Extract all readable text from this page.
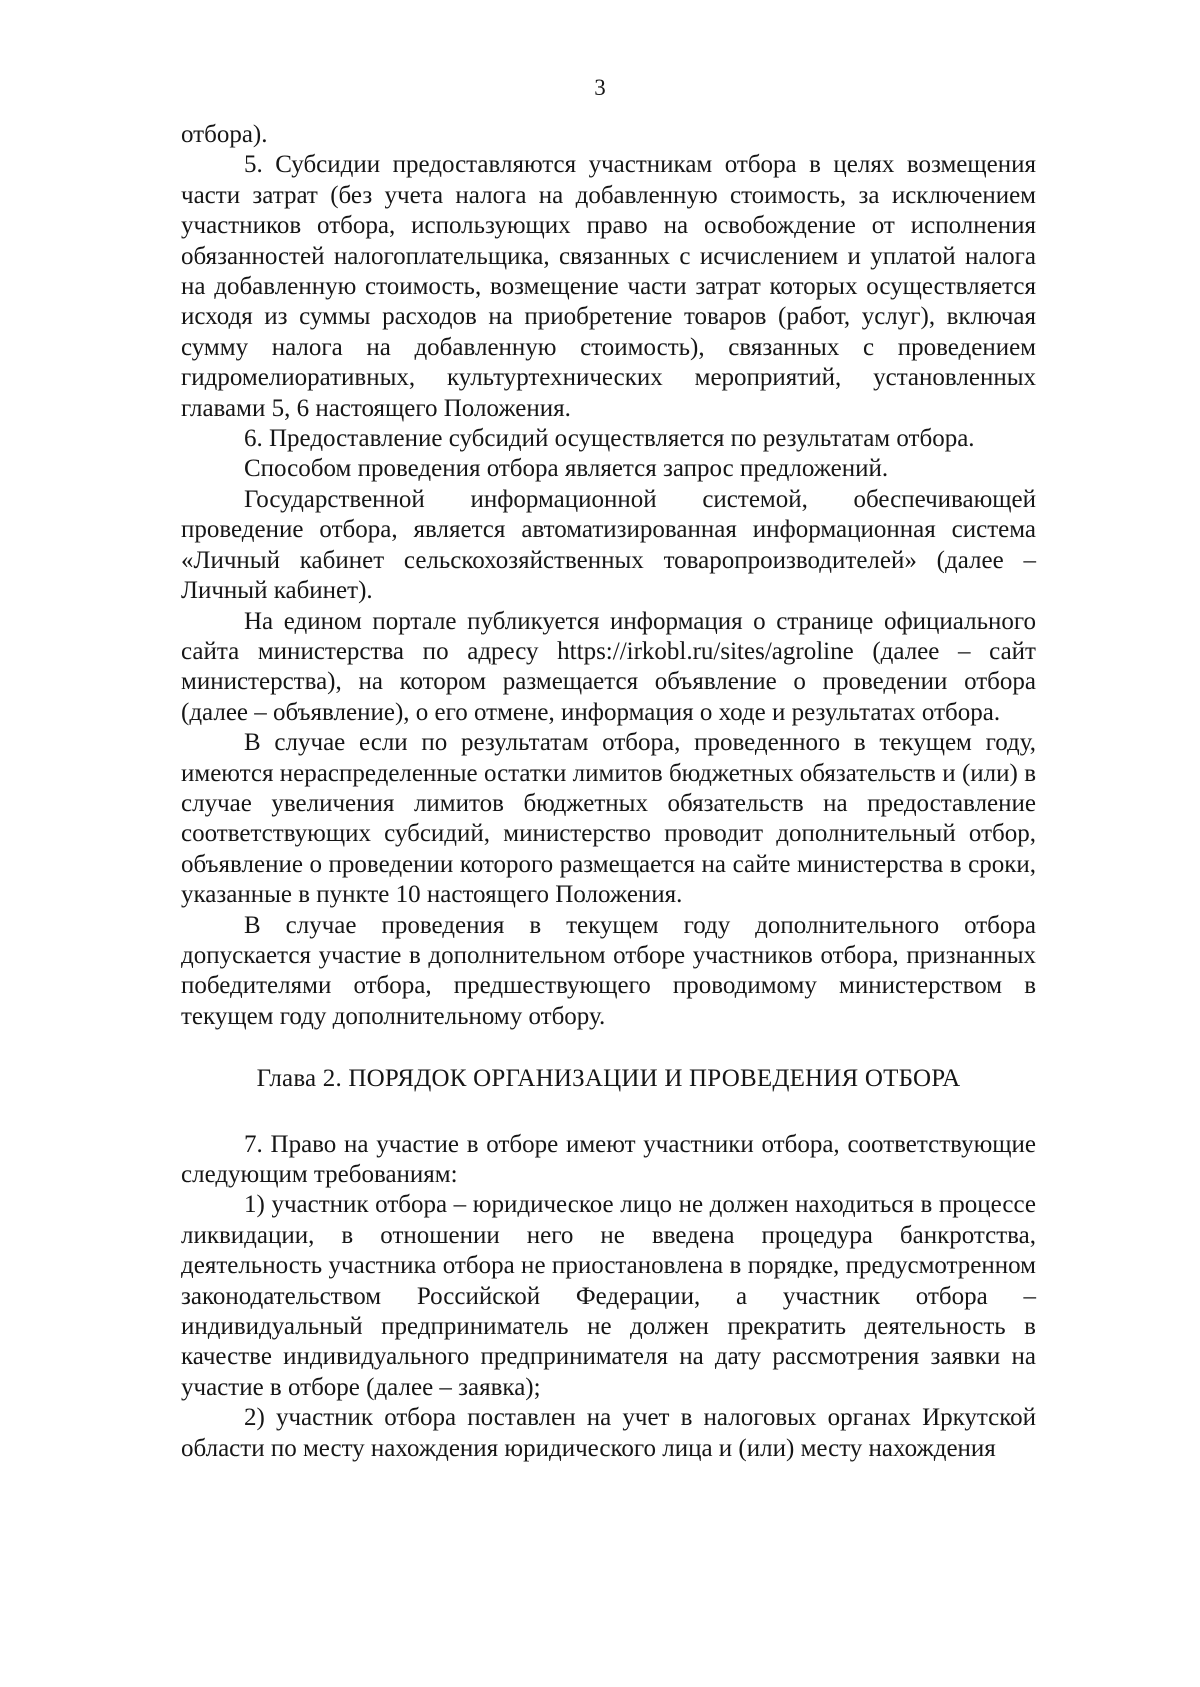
3

отбора).

5. Субсидии предоставляются участникам отбора в целях возмещения части затрат (без учета налога на добавленную стоимость, за исключением участников отбора, использующих право на освобождение от исполнения обязанностей налогоплательщика, связанных с исчислением и уплатой налога на добавленную стоимость, возмещение части затрат которых осуществляется исходя из суммы расходов на приобретение товаров (работ, услуг), включая сумму налога на добавленную стоимость), связанных с проведением гидромелиоративных, культуртехнических мероприятий, установленных главами 5, 6 настоящего Положения.

6. Предоставление субсидий осуществляется по результатам отбора.

Способом проведения отбора является запрос предложений.

Государственной информационной системой, обеспечивающей проведение отбора, является автоматизированная информационная система «Личный кабинет сельскохозяйственных товаропроизводителей» (далее – Личный кабинет).

На едином портале публикуется информация о странице официального сайта министерства по адресу https://irkobl.ru/sites/agroline (далее – сайт министерства), на котором размещается объявление о проведении отбора (далее – объявление), о его отмене, информация о ходе и результатах отбора.

В случае если по результатам отбора, проведенного в текущем году, имеются нераспределенные остатки лимитов бюджетных обязательств и (или) в случае увеличения лимитов бюджетных обязательств на предоставление соответствующих субсидий, министерство проводит дополнительный отбор, объявление о проведении которого размещается на сайте министерства в сроки, указанные в пункте 10 настоящего Положения.

В случае проведения в текущем году дополнительного отбора допускается участие в дополнительном отборе участников отбора, признанных победителями отбора, предшествующего проводимому министерством в текущем году дополнительному отбору.

Глава 2. ПОРЯДОК ОРГАНИЗАЦИИ И ПРОВЕДЕНИЯ ОТБОРА

7. Право на участие в отборе имеют участники отбора, соответствующие следующим требованиям:

1) участник отбора – юридическое лицо не должен находиться в процессе ликвидации, в отношении него не введена процедура банкротства, деятельность участника отбора не приостановлена в порядке, предусмотренном законодательством Российской Федерации, а участник отбора – индивидуальный предприниматель не должен прекратить деятельность в качестве индивидуального предпринимателя на дату рассмотрения заявки на участие в отборе (далее – заявка);

2) участник отбора поставлен на учет в налоговых органах Иркутской области по месту нахождения юридического лица и (или) месту нахождения
